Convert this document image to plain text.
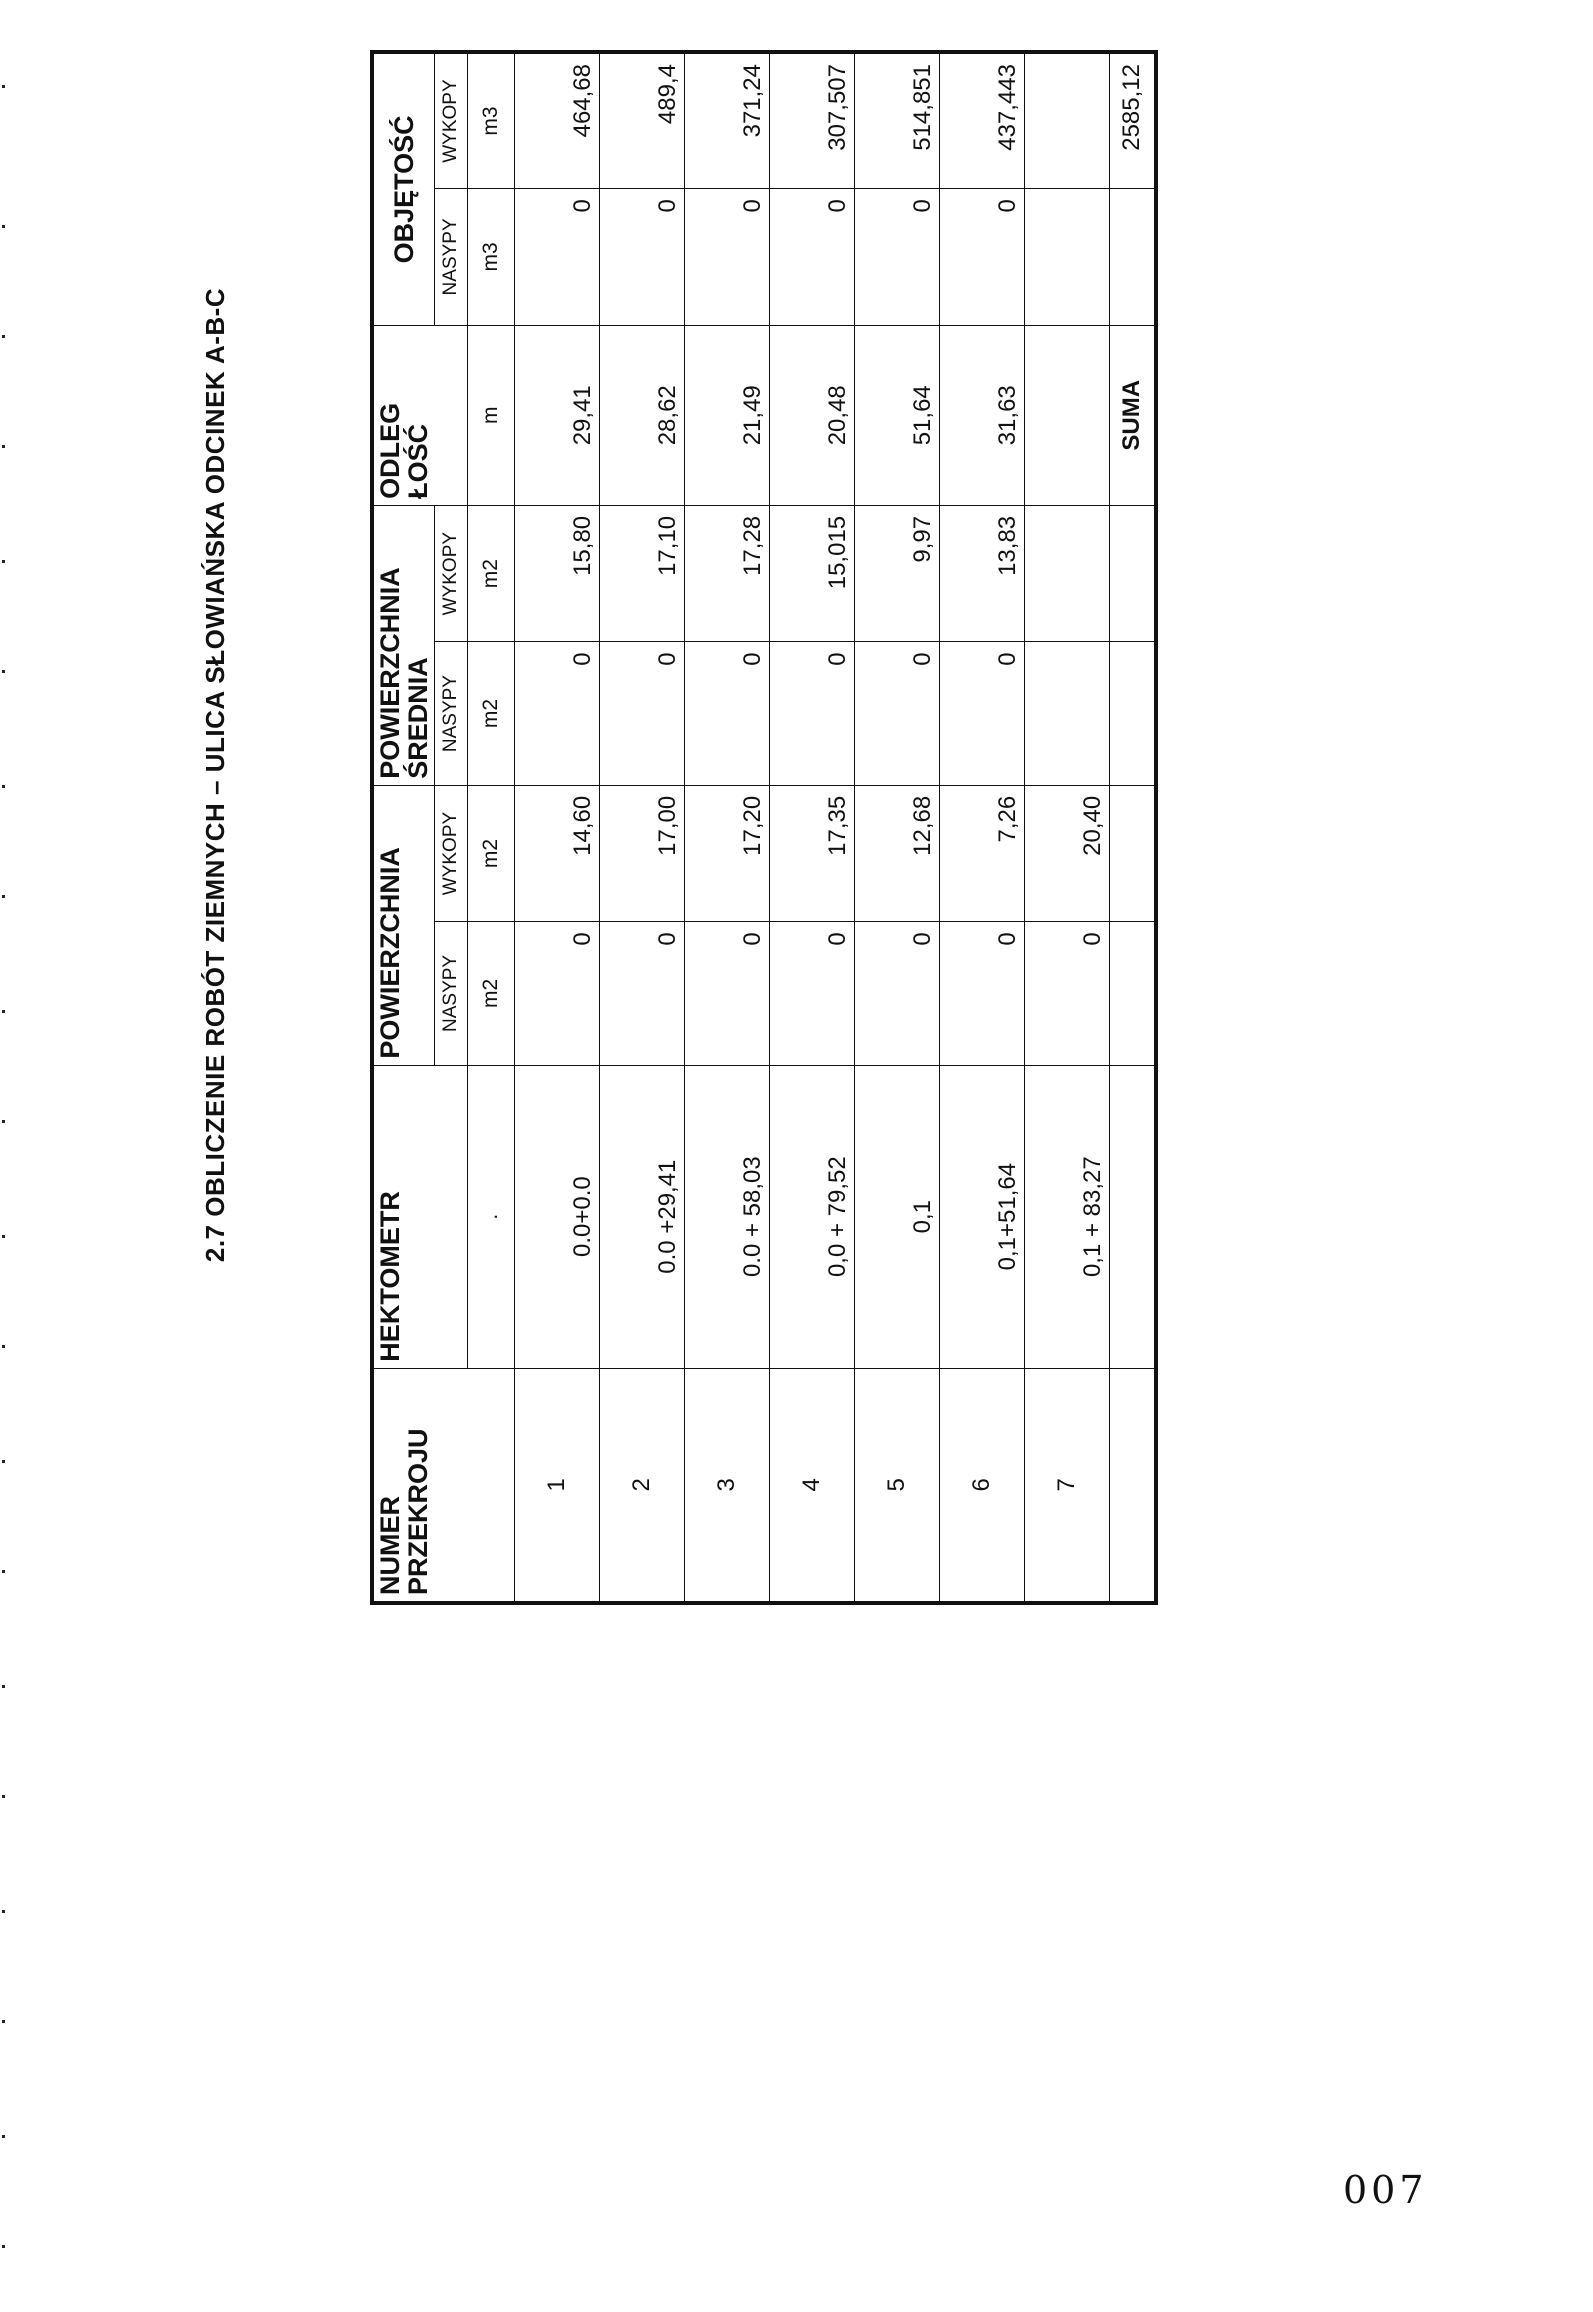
2.7 OBLICZENIE ROBÓT ZIEMNYCH – ULICA SŁOWIAŃSKA ODCINEK A-B-C
NUMER PRZEKROJU	HEKTOMETR	POWIERZCHNIA		POWIERZCHNIA ŚREDNIA		ODLEG ŁOŚĆ	OBJĘTOŚĆ	
		NASYPY	WYKOPY	NASYPY	WYKOPY		NASYPY	WYKOPY
	.	m2	m2	m2	m2	m	m3	m3
1	0.0+0.0	0	14,60	0	15,80	29,41	0	464,68
2	0.0 +29,41	0	17,00	0	17,10	28,62	0	489,4
3	0.0 + 58,03	0	17,20	0	17,28	21,49	0	371,24
4	0,0 + 79,52	0	17,35	0	15,015	20,48	0	307,507
5	0,1	0	12,68	0	9,97	51,64	0	514,851
6	0,1+51,64	0	7,26	0	13,83	31,63	0	437,443
7	0,1 + 83,27	0	20,40					
						SUMA		2585,12
007
